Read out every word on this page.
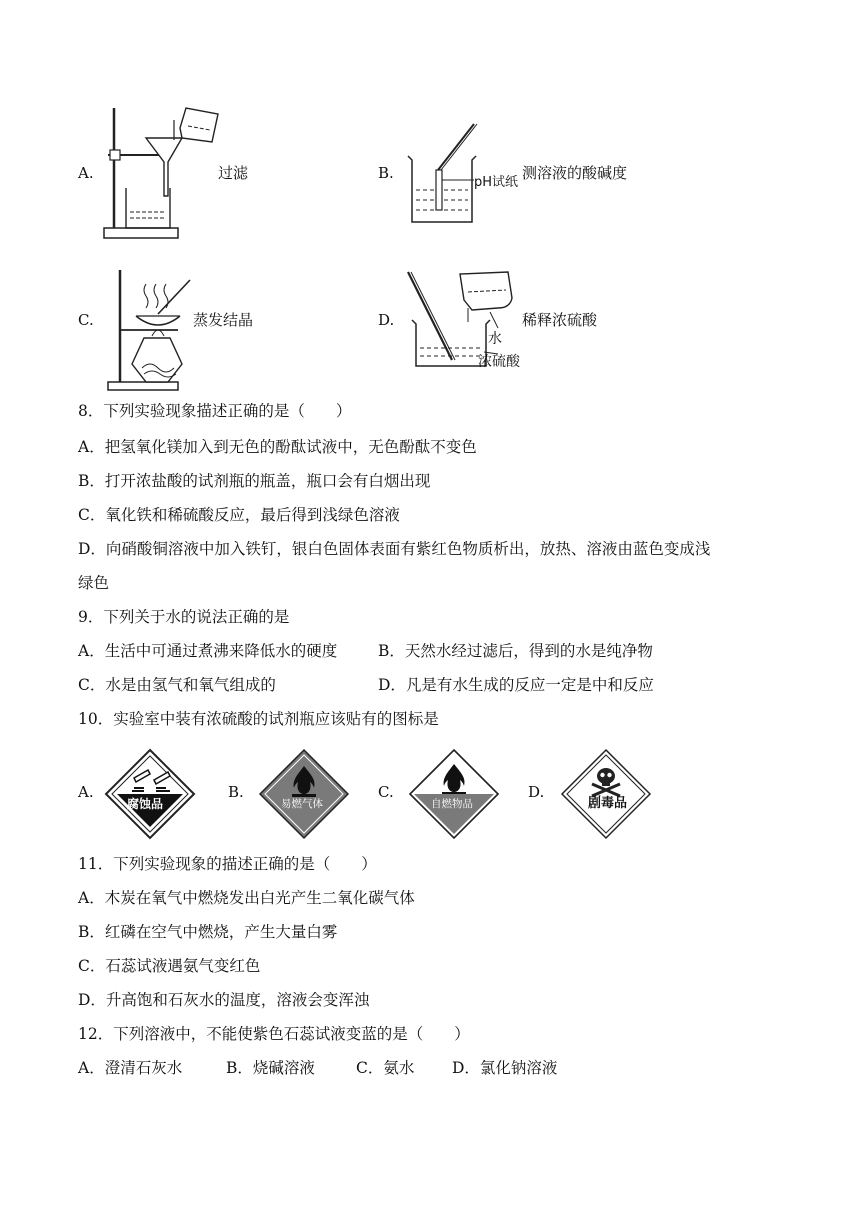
A.	过滤	B.
pH试纸
测溶液的酸碱度
C.	蒸发结晶	D.
水
浓硫酸
稀释浓硫酸
8．下列实验现象描述正确的是（　　）
A．把氢氧化镁加入到无色的酚酞试液中，无色酚酞不变色
B．打开浓盐酸的试剂瓶的瓶盖，瓶口会有白烟出现
C．氧化铁和稀硫酸反应，最后得到浅绿色溶液
D．向硝酸铜溶液中加入铁钉，银白色固体表面有紫红色物质析出，放热、溶液由蓝色变成浅
绿色
9．下列关于水的说法正确的是
A．生活中可通过煮沸来降低水的硬度	B．天然水经过滤后，得到的水是纯净物
C．水是由氢气和氧气组成的	D．凡是有水生成的反应一定是中和反应
10．实验室中装有浓硫酸的试剂瓶应该贴有的图标是
A.
腐蚀品
B.
易燃气体
C.
自燃物品
D.
剧毒品
11．下列实验现象的描述正确的是（　　）
A．木炭在氧气中燃烧发出白光产生二氧化碳气体
B．红磷在空气中燃烧，产生大量白雾
C．石蕊试液遇氨气变红色
D．升高饱和石灰水的温度，溶液会变浑浊
12．下列溶液中，不能使紫色石蕊试液变蓝的是（　　）
A．澄清石灰水	B．烧碱溶液	C．氨水 D．氯化钠溶液
